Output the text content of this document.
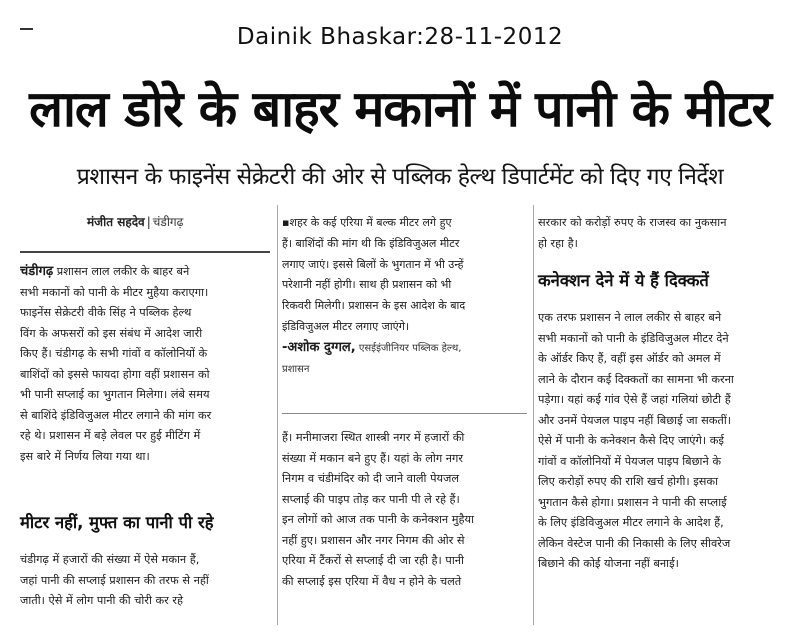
Dainik Bhaskar:28-11-2012
लाल डोरे के बाहर मकानों में पानी के मीटर
प्रशासन के फाइनेंस सेक्रेटरी की ओर से पब्लिक हेल्थ डिपार्टमेंट को दिए गए निर्देश
मंजीत सहदेव | चंडीगढ़
चंडीगढ़ प्रशासन लाल लकीर के बाहर बने
सभी मकानों को पानी के मीटर मुहैया कराएगा।
फाइनेंस सेक्रेटरी वीके सिंह ने पब्लिक हेल्थ
विंग के अफसरों को इस संबंध में आदेश जारी
किए हैं। चंडीगढ़ के सभी गांवों व कॉलोनियों के
बाशिंदों को इससे फायदा होगा वहीं प्रशासन को
भी पानी सप्लाई का भुगतान मिलेगा। लंबे समय
से बाशिंदे इंडिविजुअल मीटर लगाने की मांग कर
रहे थे। प्रशासन में बड़े लेवल पर हुई मीटिंग में
इस बारे में निर्णय लिया गया था।

मीटर नहीं, मुफ्त का पानी पी रहे

चंडीगढ़ में हजारों की संख्या में ऐसे मकान हैं,
जहां पानी की सप्लाई प्रशासन की तरफ से नहीं
जाती। ऐसे में लोग पानी की चोरी कर रहे
▪शहर के कई एरिया में बल्क मीटर लगे हुए
हैं। बाशिंदों की मांग थी कि इंडिविजुअल मीटर
लगाए जाएं। इससे बिलों के भुगतान में भी उन्हें
परेशानी नहीं होगी। साथ ही प्रशासन को भी
रिकवरी मिलेगी। प्रशासन के इस आदेश के बाद
इंडिविजुअल मीटर लगाए जाएंगे।
-अशोक दुग्गल, एसईइंजीनियर पब्लिक हेल्थ,
प्रशासन
हैं। मनीमाजरा स्थित शास्त्री नगर में हजारों की
संख्या में मकान बने हुए हैं। यहां के लोग नगर
निगम व चंडीमंदिर को दी जाने वाली पेयजल
सप्लाई की पाइप तोड़ कर पानी पी ले रहे हैं।
इन लोगों को आज तक पानी के कनेक्शन मुहैया
नहीं हुए। प्रशासन और नगर निगम की ओर से
एरिया में टैंकरों से सप्लाई दी जा रही है। पानी
की सप्लाई इस एरिया में वैध न होने के चलते
सरकार को करोड़ों रुपए के राजस्व का नुकसान
हो रहा है।

कनेक्शन देने में ये हैं दिक्कतें

एक तरफ प्रशासन ने लाल लकीर से बाहर बने
सभी मकानों को पानी के इंडिविजुअल मीटर देने
के ऑर्डर किए हैं, वहीं इस ऑर्डर को अमल में
लाने के दौरान कई दिक्कतों का सामना भी करना
पड़ेगा। यहां कई गांव ऐसे हैं जहां गलियां छोटी हैं
और उनमें पेयजल पाइप नहीं बिछाई जा सकतीं।
ऐसे में पानी के कनेक्शन कैसे दिए जाएंगे। कई
गांवों व कॉलोनियों में पेयजल पाइप बिछाने के
लिए करोड़ों रुपए की राशि खर्च होगी। इसका
भुगतान कैसे होगा। प्रशासन ने पानी की सप्लाई
के लिए इंडिविजुअल मीटर लगाने के आदेश हैं,
लेकिन वेस्टेज पानी की निकासी के लिए सीवरेज
बिछाने की कोई योजना नहीं बनाई।
